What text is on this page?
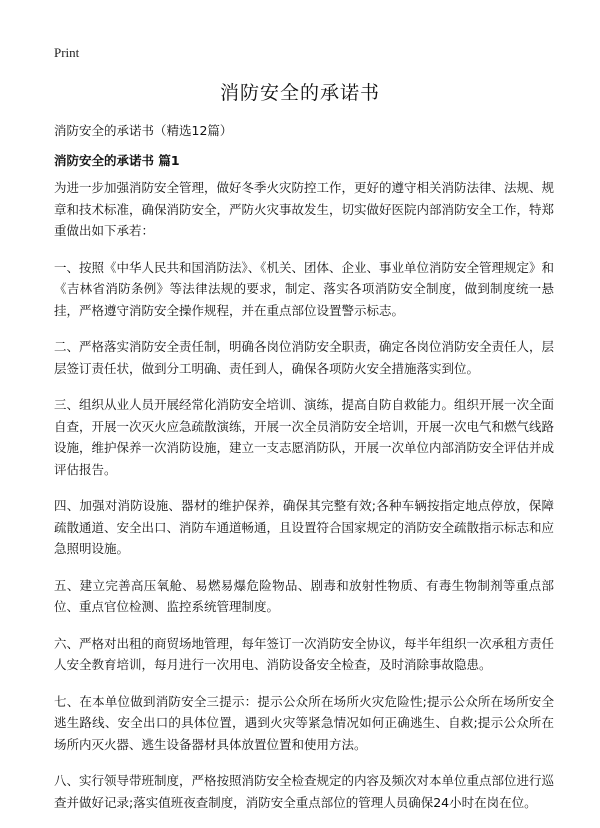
Print

消防安全的承诺书

消防安全的承诺书（精选12篇）

消防安全的承诺书 篇1

为进一步加强消防安全管理，做好冬季火灾防控工作，更好的遵守相关消防法律、法规、规章和技术标准，确保消防安全，严防火灾事故发生，切实做好医院内部消防安全工作，特郑重做出如下承若：

一、按照《中华人民共和国消防法》、《机关、团体、企业、事业单位消防安全管理规定》和《吉林省消防条例》等法律法规的要求，制定、落实各项消防安全制度，做到制度统一悬挂，严格遵守消防安全操作规程，并在重点部位设置警示标志。

二、严格落实消防安全责任制，明确各岗位消防安全职责，确定各岗位消防安全责任人，层层签订责任状，做到分工明确、责任到人，确保各项防火安全措施落实到位。

三、组织从业人员开展经常化消防安全培训、演练，提高自防自救能力。组织开展一次全面自查，开展一次灭火应急疏散演练，开展一次全员消防安全培训，开展一次电气和燃气线路设施，维护保养一次消防设施，建立一支志愿消防队，开展一次单位内部消防安全评估并成评估报告。

四、加强对消防设施、器材的维护保养，确保其完整有效;各种车辆按指定地点停放，保障疏散通道、安全出口、消防车通道畅通，且设置符合国家规定的消防安全疏散指示标志和应急照明设施。

五、建立完善高压氧舱、易燃易爆危险物品、剧毒和放射性物质、有毒生物制剂等重点部位、重点官位检测、监控系统管理制度。

六、严格对出租的商贸场地管理，每年签订一次消防安全协议，每半年组织一次承租方责任人安全教育培训，每月进行一次用电、消防设备安全检查，及时消除事故隐患。

七、在本单位做到消防安全三提示：提示公众所在场所火灾危险性;提示公众所在场所安全逃生路线、安全出口的具体位置，遇到火灾等紧急情况如何正确逃生、自救;提示公众所在场所内灭火器、逃生设备器材具体放置位置和使用方法。

八、实行领导带班制度，严格按照消防安全检查规定的内容及频次对本单位重点部位进行巡查并做好记录;落实值班夜查制度，消防安全重点部位的管理人员确保24小时在岗在位。
